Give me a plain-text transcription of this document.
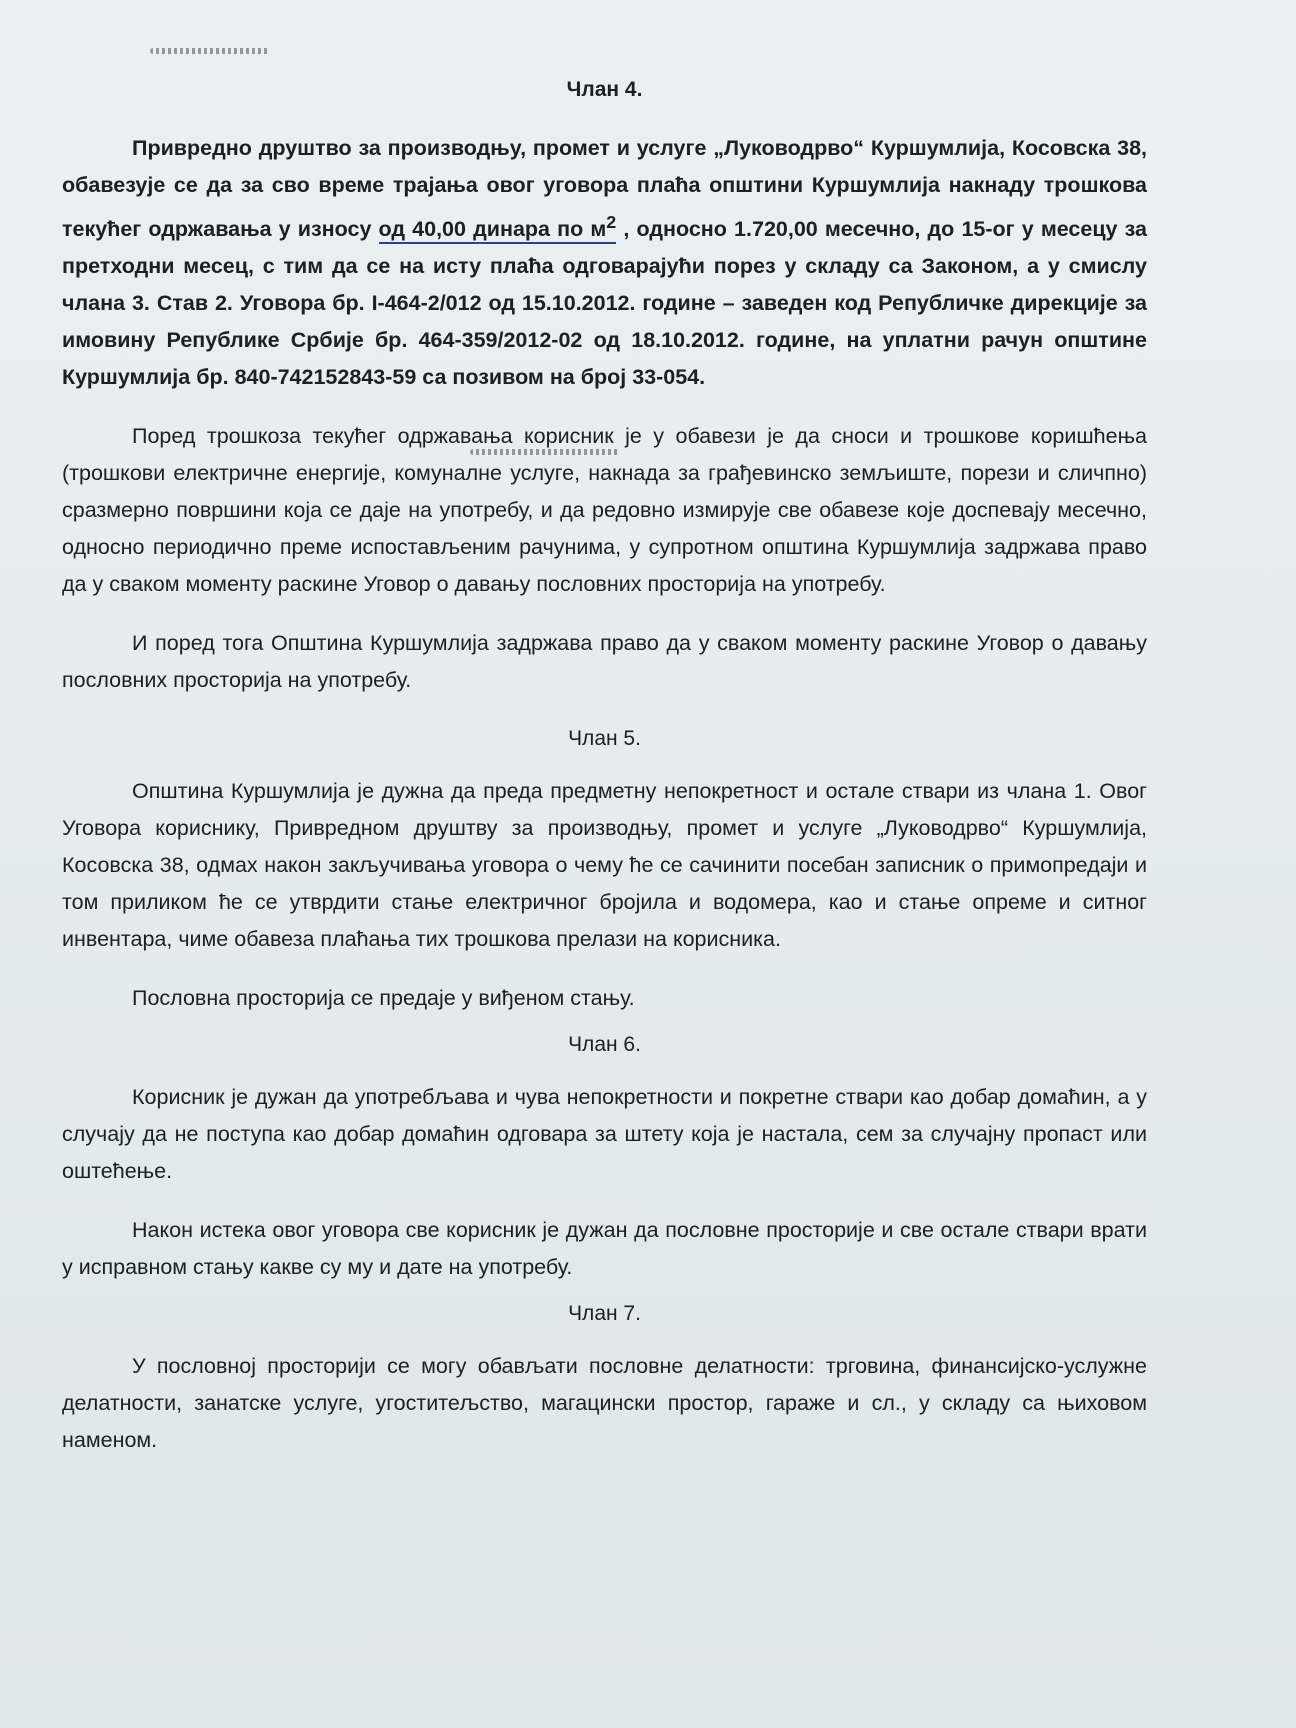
Члан 4.

Привредно друштво за производњу, промет и услуге „Луководрво“ Куршумлија, Косовска 38, обавезује се да за сво време трајања овог уговора плаћа општини Куршумлија накнаду трошкова текућег одржавања у износу од 40,00 динара по $м^2$ , односно 1.720,00 месечно, до 15-ог у месецу за претходни месец, с тим да се на исту плаћа одговарајући порез у складу са Законом, а у смислу члана 3. Став 2. Уговора бр. I-464-2/012 од 15.10.2012. године – заведен код Републичке дирекције за имовину Републике Србије бр. 464-359/2012-02 од 18.10.2012. године, на уплатни рачун општине Куршумлија бр. 840-742152843-59 са позивом на број 33-054.

Поред трошкоза текућег одржавања корисник је у обавези је да сноси и трошкове коришћења (трошкови електричне енергије, комуналне услуге, накнада за грађевинско земљиште, порези и сличпно) сразмерно површини која се даје на употребу, и да редовно измирује све обавезе које доспевају месечно, односно периодично преме испостављеним рачунима, у супротном општина Куршумлија задржава право да у сваком моменту раскине Уговор о давању пословних просторија на употребу.

И поред тога Општина Куршумлија задржава право да у сваком моменту раскине Уговор о давању пословних просторија на употребу.

Члан 5.

Општина Куршумлија је дужна да преда предметну непокретност и остале ствари из члана 1. Овог Уговора кориснику, Привредном друштву за производњу, промет и услуге „Луководрво“ Куршумлија, Косовска 38, одмах након закључивања уговора о чему ће се сачинити посебан записник о примопредаји и том приликом ће се утврдити стање електричног бројила и водомера, као и стање опреме и ситног инвентара, чиме обавеза плаћања тих трошкова прелази на корисника.

Пословна просторија се предаје у виђеном стању.

Члан 6.

Корисник је дужан да употребљава и чува непокретности и покретне ствари као добар домаћин, а у случају да не поступа као добар домаћин одговара за штету која је настала, сем за случајну пропаст или оштећење.

Након истека овог уговора све корисник је дужан да пословне просторије и све остале ствари врати у исправном стању какве су му и дате на употребу.

Члан 7.

У пословној просторији се могу обављати пословне делатности: трговина, финансијско-услужне делатности, занатске услуге, угоститељство, магацински простор, гараже и сл., у складу са њиховом наменом.
